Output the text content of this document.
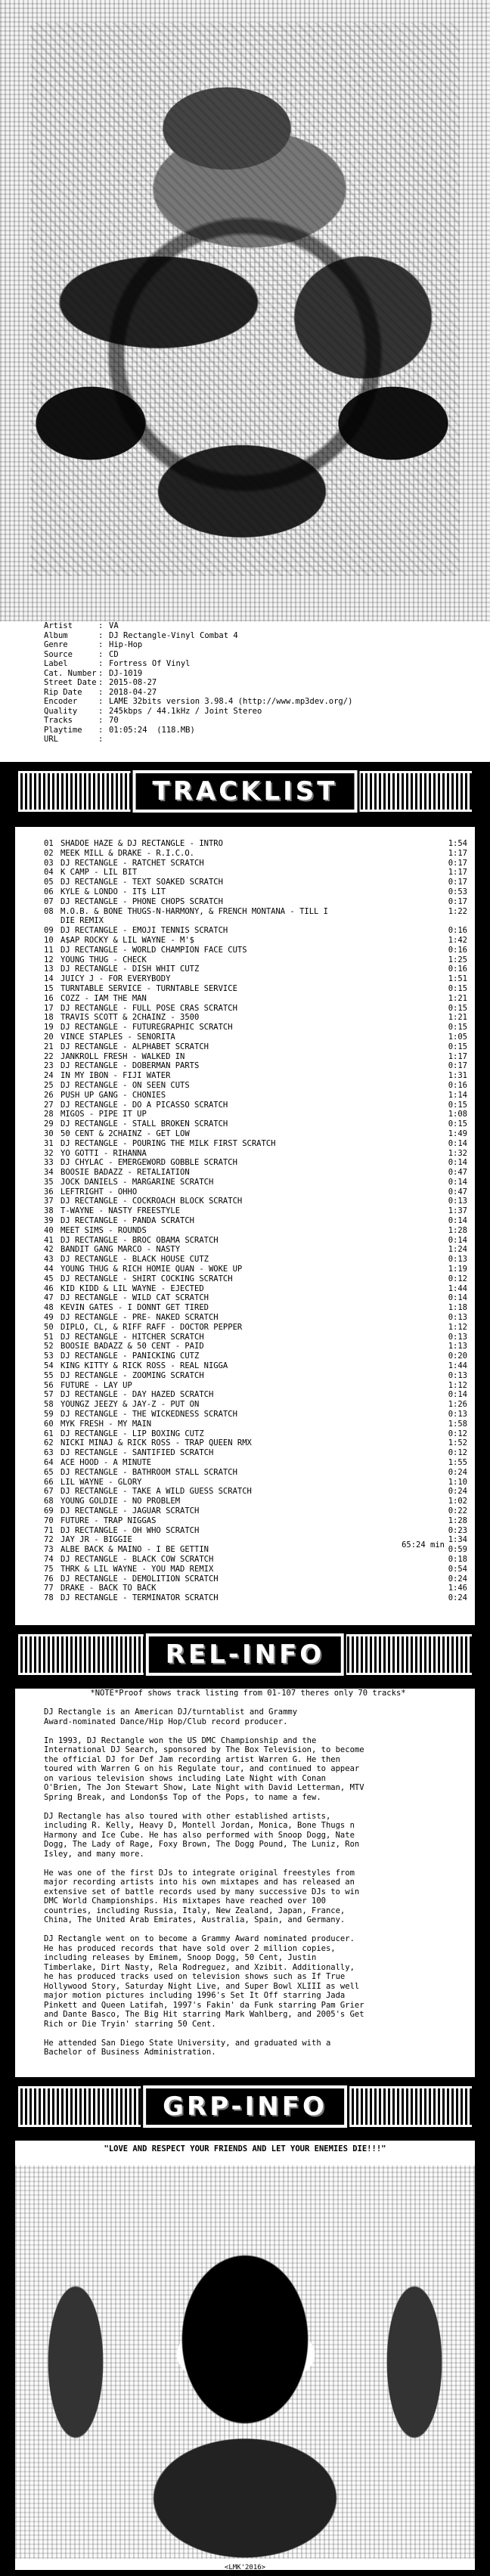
Artist	: VA
Album	: DJ Rectangle-Vinyl Combat 4
Genre	: Hip-Hop
Source	: CD
Label	: Fortress Of Vinyl
Cat. Number : DJ-1019
Street Date : 2015-08-27
Rip Date	: 2018-04-27
Encoder	: LAME 32bits version 3.98.4 (http://www.mp3dev.org/)
Quality	: 245kbps / 44.1kHz / Joint Stereo
Tracks	: 70
Playtime	: 01:05:24  (118.MB)
URL	:
TRACKLIST
01 SHADOE HAZE & DJ RECTANGLE - INTRO	1:54
02 MEEK MILL & DRAKE - R.I.C.O.	1:17
03 DJ RECTANGLE - RATCHET SCRATCH	0:17
04 K CAMP - LIL BIT	1:17
05 DJ RECTANGLE - TEXT SOAKED SCRATCH	0:17
06 KYLE & LONDO - IT$ LIT	0:53
07 DJ RECTANGLE - PHONE CHOPS SCRATCH	0:17
08 M.O.B. & BONE THUGS-N-HARMONY, & FRENCH MONTANA - TILL I	1:22
DIE REMIX
09 DJ RECTANGLE - EMOJI TENNIS SCRATCH	0:16
10 A$AP ROCKY & LIL WAYNE - M'$	1:42
11 DJ RECTANGLE - WORLD CHAMPION FACE CUTS	0:16
12 YOUNG THUG - CHECK	1:25
13 DJ RECTANGLE - DISH WHIT CUTZ	0:16
14 JUICY J - FOR EVERYBODY	1:51
15 TURNTABLE SERVICE - TURNTABLE SERVICE	0:15
16 COZZ - IAM THE MAN	1:21
17 DJ RECTANGLE - FULL POSE CRAS SCRATCH	0:15
18 TRAVIS SCOTT & 2CHAINZ - 3500	1:21
19 DJ RECTANGLE - FUTUREGRAPHIC SCRATCH	0:15
20 VINCE STAPLES - SENORITA	1:05
21 DJ RECTANGLE - ALPHABET SCRATCH	0:15
22 JANKROLL FRESH - WALKED IN	1:17
23 DJ RECTANGLE - DOBERMAN PARTS	0:17
24 IN MY IBON - FIJI WATER	1:31
25 DJ RECTANGLE - ON SEEN CUTS	0:16
26 PUSH UP GANG - CHONIES	1:14
27 DJ RECTANGLE - DO A PICASSO SCRATCH	0:15
28 MIGOS - PIPE IT UP	1:08
29 DJ RECTANGLE - STALL BROKEN SCRATCH	0:15
30 50 CENT & 2CHAINZ - GET LOW	1:49
31 DJ RECTANGLE - POURING THE MILK FIRST SCRATCH	0:14
32 YO GOTTI - RIHANNA	1:32
33 DJ CHYLAC - EMERGEWORD GOBBLE SCRATCH	0:14
34 BOOSIE BADAZZ - RETALIATION	0:47
35 JOCK DANIELS - MARGARINE SCRATCH	0:14
36 LEFTRIGHT - OHHO	0:47
37 DJ RECTANGLE - COCKROACH BLOCK SCRATCH	0:13
38 T-WAYNE - NASTY FREESTYLE	1:37
39 DJ RECTANGLE - PANDA SCRATCH	0:14
40 MEET SIMS - ROUNDS	1:28
41 DJ RECTANGLE - BROC OBAMA SCRATCH	0:14
42 BANDIT GANG MARCO - NASTY	1:24
43 DJ RECTANGLE - BLACK HOUSE CUTZ	0:13
44 YOUNG THUG & RICH HOMIE QUAN - WOKE UP	1:19
45 DJ RECTANGLE - SHIRT COCKING SCRATCH	0:12
46 KID KIDD & LIL WAYNE - EJECTED	1:44
47 DJ RECTANGLE - WILD CAT SCRATCH	0:14
48 KEVIN GATES - I DONNT GET TIRED	1:18
49 DJ RECTANGLE - PRE- NAKED SCRATCH	0:13
50 DIPLO, CL, & RIFF RAFF - DOCTOR PEPPER	1:12
51 DJ RECTANGLE - HITCHER SCRATCH	0:13
52 BOOSIE BADAZZ & 50 CENT - PAID	1:13
53 DJ RECTANGLE - PANICKING CUTZ	0:20
54 KING KITTY & RICK ROSS - REAL NIGGA	1:44
55 DJ RECTANGLE - ZOOMING SCRATCH	0:13
56 FUTURE - LAY UP	1:12
57 DJ RECTANGLE - DAY HAZED SCRATCH	0:14
58 YOUNGZ JEEZY & JAY-Z - PUT ON	1:26
59 DJ RECTANGLE - THE WICKEDNESS SCRATCH	0:13
60 MYK FRESH - MY MAIN	1:58
61 DJ RECTANGLE - LIP BOXING CUTZ	0:12
62 NICKI MINAJ & RICK ROSS - TRAP QUEEN RMX	1:52
63 DJ RECTANGLE - SANTIFIED SCRATCH	0:12
64 ACE HOOD - A MINUTE	1:55
65 DJ RECTANGLE - BATHROOM STALL SCRATCH	0:24
66 LIL WAYNE - GLORY	1:10
67 DJ RECTANGLE - TAKE A WILD GUESS SCRATCH	0:24
68 YOUNG GOLDIE - NO PROBLEM	1:02
69 DJ RECTANGLE - JAGUAR SCRATCH	0:22
70 FUTURE - TRAP NIGGAS	1:28
71 DJ RECTANGLE - OH WHO SCRATCH	0:23
72 JAY JR - BIGGIE	1:34
73 ALBE BACK & MAINO - I BE GETTIN	0:59
74 DJ RECTANGLE - BLACK COW SCRATCH	0:18
75 THRK & LIL WAYNE - YOU MAD REMIX	0:54
76 DJ RECTANGLE - DEMOLITION SCRATCH	0:24
77 DRAKE - BACK TO BACK	1:46
78 DJ RECTANGLE - TERMINATOR SCRATCH	0:24
65:24 min
REL-INFO

*NOTE*Proof shows track listing from 01-107 theres only 70 tracks*

DJ Rectangle is an American DJ/turntablist and Grammy
Award-nominated Dance/Hip Hop/Club record producer.

In 1993, DJ Rectangle won the US DMC Championship and the
International DJ Search, sponsored by The Box Television, to become
the official DJ for Def Jam recording artist Warren G. He then
toured with Warren G on his Regulate tour, and continued to appear
on various television shows including Late Night with Conan
O'Brien, The Jon Stewart Show, Late Night with David Letterman, MTV
Spring Break, and London$s Top of the Pops, to name a few.

DJ Rectangle has also toured with other established artists,
including R. Kelly, Heavy D, Montell Jordan, Monica, Bone Thugs n
Harmony and Ice Cube. He has also performed with Snoop Dogg, Nate
Dogg, The Lady of Rage, Foxy Brown, The Dogg Pound, The Luniz, Ron
Isley, and many more.

He was one of the first DJs to integrate original freestyles from
major recording artists into his own mixtapes and has released an
extensive set of battle records used by many successive DJs to win
DMC World Championships. His mixtapes have reached over 100
countries, including Russia, Italy, New Zealand, Japan, France,
China, The United Arab Emirates, Australia, Spain, and Germany.

DJ Rectangle went on to become a Grammy Award nominated producer.
He has produced records that have sold over 2 million copies,
including releases by Eminem, Snoop Dogg, 50 Cent, Justin
Timberlake, Dirt Nasty, Rela Rodreguez, and Xzibit. Additionally,
he has produced tracks used on television shows such as If True
Hollywood Story, Saturday Night Live, and Super Bowl XLIII as well
major motion pictures including 1996's Set It Off starring Jada
Pinkett and Queen Latifah, 1997's Fakin' da Funk starring Pam Grier
and Dante Basco, The Big Hit starring Mark Wahlberg, and 2005's Get
Rich or Die Tryin' starring 50 Cent.

He attended San Diego State University, and graduated with a
Bachelor of Business Administration.

GRP-INFO
"LOVE AND RESPECT YOUR FRIENDS AND LET YOUR ENEMIES DIE!!!"
<LMK'2016>
